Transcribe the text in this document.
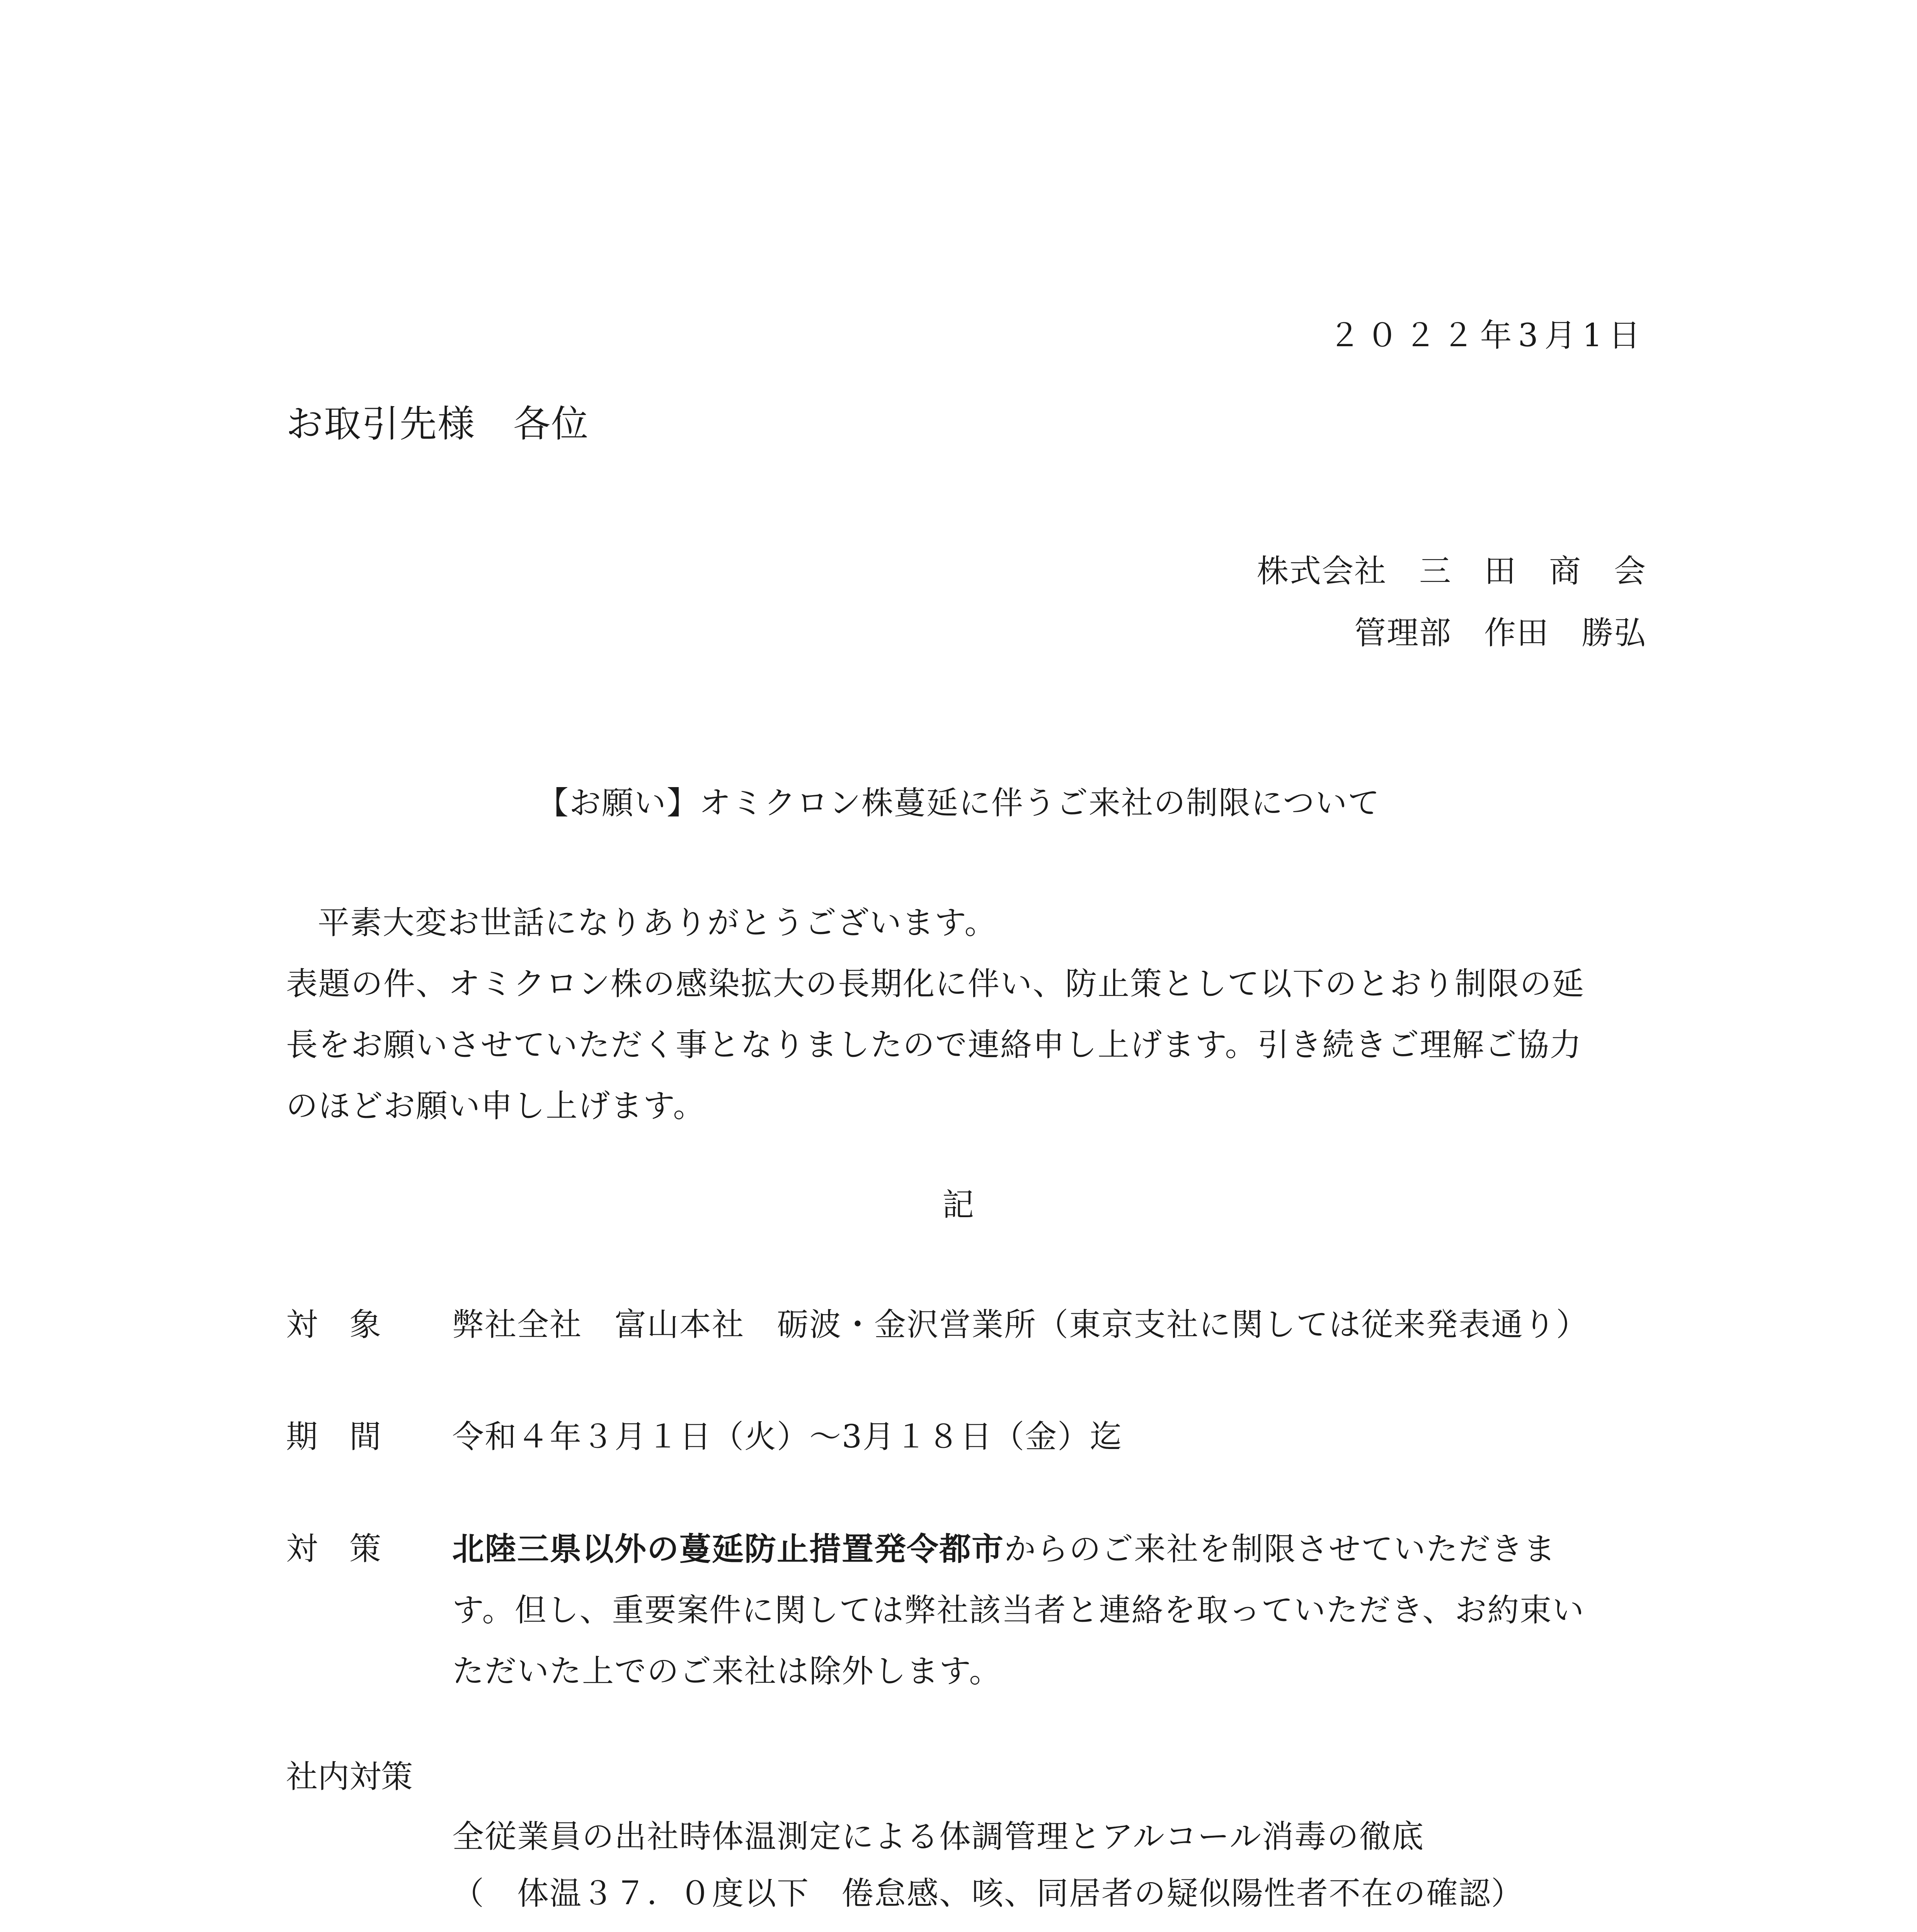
２０２２年3月1日
お取引先様　各位
株式会社　三　田　商　会
管理部　作田　勝弘
【お願い】オミクロン株蔓延に伴うご来社の制限について
平素大変お世話になりありがとうございます。
表題の件、オミクロン株の感染拡大の長期化に伴い、防止策として以下のとおり制限の延
長をお願いさせていただく事となりましたので連絡申し上げます。引き続きご理解ご協力
のほどお願い申し上げます。
記
対象 弊社全社　富山本社　砺波・金沢営業所（東京支社に関しては従来発表通り）
期間 令和４年３月１日（火）～3月１８日（金）迄
対策 北陸三県以外の蔓延防止措置発令都市からのご来社を制限させていただきま
す。但し、重要案件に関しては弊社該当者と連絡を取っていただき、お約束い
ただいた上でのご来社は除外します。
社内対策
全従業員の出社時体温測定による体調管理とアルコール消毒の徹底
（　体温３７．０度以下　倦怠感、咳、同居者の疑似陽性者不在の確認）
